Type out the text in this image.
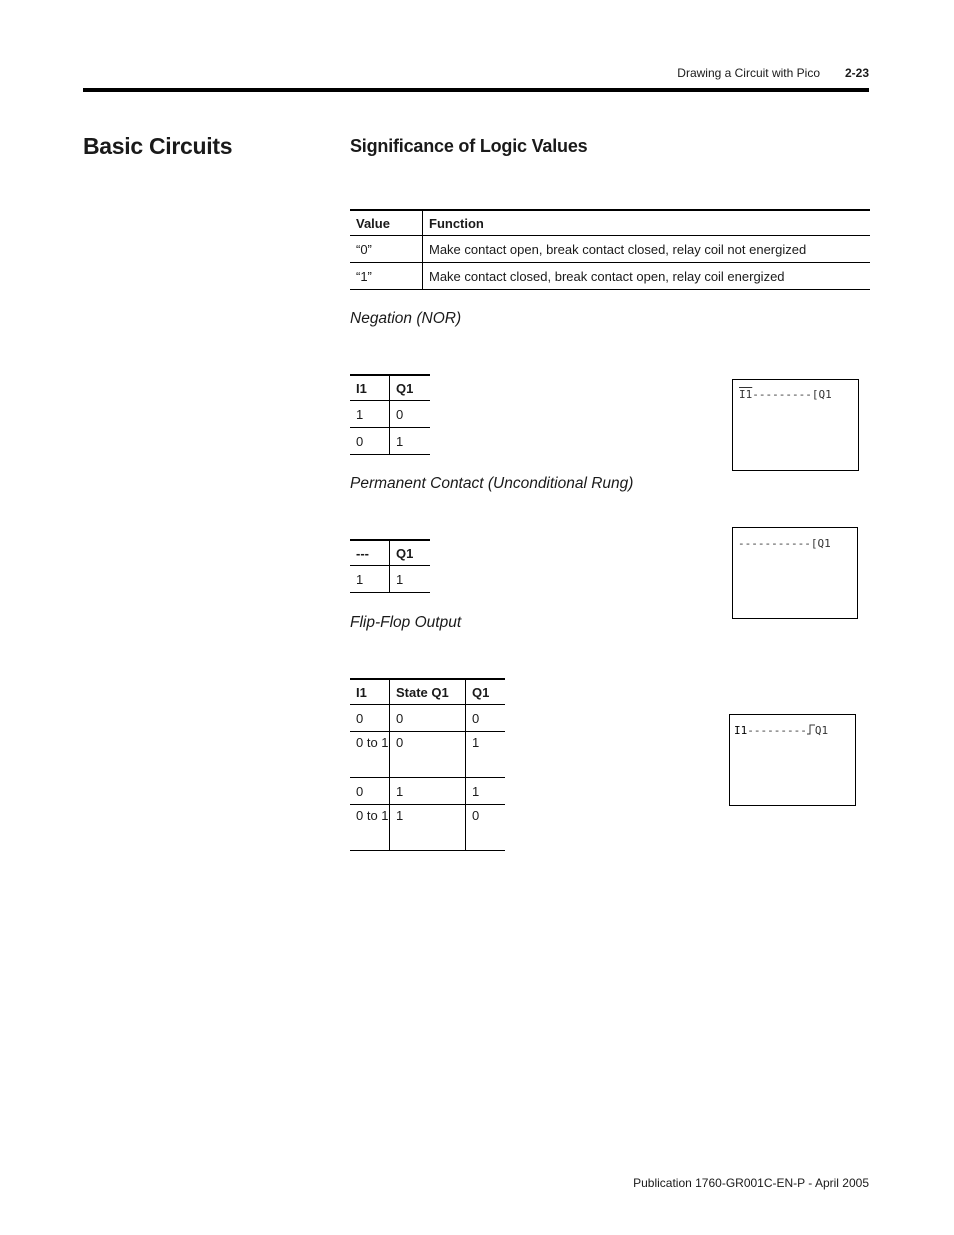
Drawing a Circuit with Pico 2-23
Basic Circuits	Significance of Logic Values
Value	Function
“0”	Make contact open, break contact closed, relay coil not energized
“1”	Make contact closed, break contact open, relay coil energized
Negation (NOR)
I1	Q1
1	0
0	1
I1---------[Q1
Permanent Contact (Unconditional Rung)
---	Q1
1	1
-----------[Q1
Flip-Flop Output
I1	State Q1	Q1
0	0	0
0 to 1	0	1
0	1	1
0 to 1	1	0
I1--------- Q1
Publication 1760-GR001C-EN-P - April 2005
